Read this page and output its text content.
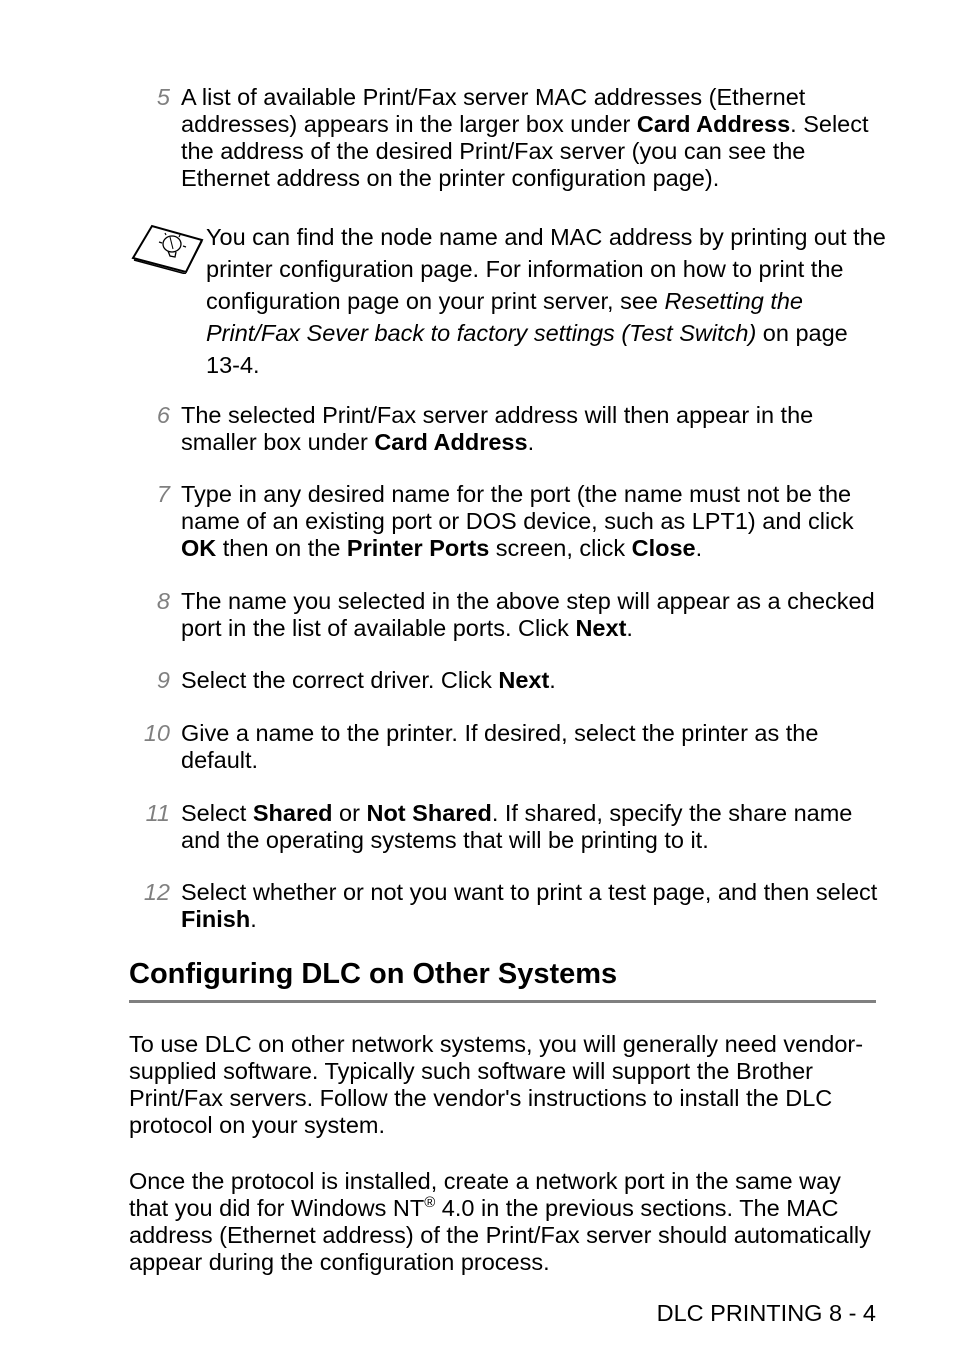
5 A list of available Print/Fax server MAC addresses (Ethernet addresses) appears in the larger box under Card Address. Select the address of the desired Print/Fax server (you can see the Ethernet address on the printer configuration page).
You can find the node name and MAC address by printing out the printer configuration page. For information on how to print the configuration page on your print server, see Resetting the Print/Fax Sever back to factory settings (Test Switch) on page 13-4.
6 The selected Print/Fax server address will then appear in the smaller box under Card Address.
7 Type in any desired name for the port (the name must not be the name of an existing port or DOS device, such as LPT1) and click OK then on the Printer Ports screen, click Close.
8 The name you selected in the above step will appear as a checked port in the list of available ports. Click Next.
9 Select the correct driver. Click Next.
10 Give a name to the printer. If desired, select the printer as the default.
11 Select Shared or Not Shared. If shared, specify the share name and the operating systems that will be printing to it.
12 Select whether or not you want to print a test page, and then select Finish.
Configuring DLC on Other Systems
To use DLC on other network systems, you will generally need vendor-supplied software. Typically such software will support the Brother Print/Fax servers. Follow the vendor's instructions to install the DLC protocol on your system.
Once the protocol is installed, create a network port in the same way that you did for Windows NT® 4.0 in the previous sections. The MAC address (Ethernet address) of the Print/Fax server should automatically appear during the configuration process.
DLC PRINTING 8 - 4
